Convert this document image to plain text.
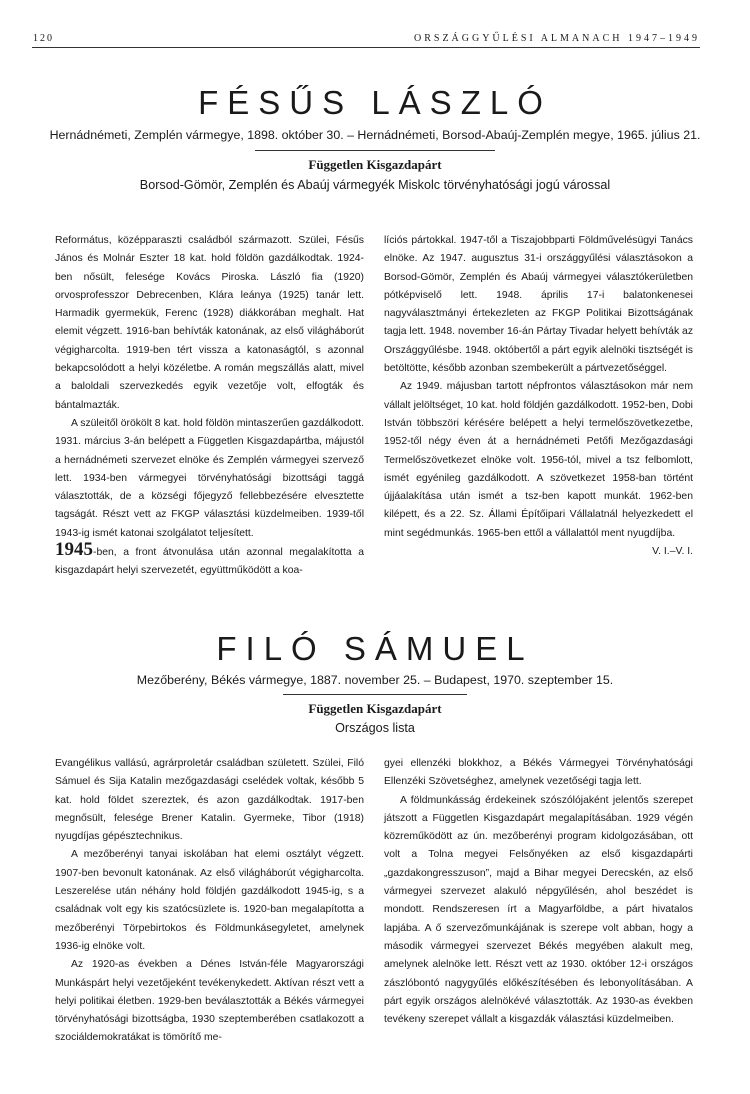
120	ORSZÁGGYŰLÉSI ALMANACH 1947–1949
FÉSŰS LÁSZLÓ
Hernádnémeti, Zemplén vármegye, 1898. október 30. – Hernádnémeti, Borsod-Abaúj-Zemplén megye, 1965. július 21.
Független Kisgazdapárt
Borsod-Gömör, Zemplén és Abaúj vármegyék Miskolc törvényhatósági jogú várossal

Református, középparaszti családból származott. Szülei, Fésűs János és Molnár Eszter 18 kat. hold földön gazdálkodtak. 1924-ben nősült, felesége Kovács Piroska. László fia (1920) orvosprofesszor Debrecenben, Klára leánya (1925) tanár lett. Harmadik gyermekük, Ferenc (1928) diákkorában meghalt. Hat elemit végzett. 1916-ban behívták katonának, az első világháborút végigharcolta. 1919-ben tért vissza a katonaságtól, s azonnal bekapcsolódott a helyi közéletbe. A román megszállás alatt, mivel a baloldali szervezkedés egyik vezetője volt, elfogták és bántalmazták.

A szüleitől örökölt 8 kat. hold földön mintaszerűen gazdálkodott. 1931. március 3-án belépett a Független Kisgazdapártba, májustól a hernádnémeti szervezet elnöke és Zemplén vármegyei szervező lett. 1934-ben vármegyei törvényhatósági bizottsági taggá választották, de a községi főjegyző fellebbezésére elvesztette tagságát. Részt vett az FKGP választási küzdelmeiben. 1939-től 1943-ig ismét katonai szolgálatot teljesített.

1945-ben, a front átvonulása után azonnal megalakította a kisgazdapárt helyi szervezetét, együttműködött a koa-

líciós pártokkal. 1947-től a Tiszajobbparti Földművelésügyi Tanács elnöke. Az 1947. augusztus 31-i országgyűlési választásokon a Borsod-Gömör, Zemplén és Abaúj vármegyei választókerületben pótképviselő lett. 1948. április 17-i balatonkenesei nagyválasztmányi értekezleten az FKGP Politikai Bizottságának tagja lett. 1948. november 16-án Pártay Tivadar helyett behívták az Országgyűlésbe. 1948. októbertől a párt egyik alelnöki tisztségét is betöltötte, később azonban szembekerült a pártvezetőséggel.

Az 1949. májusban tartott népfrontos választásokon már nem vállalt jelöltséget, 10 kat. hold földjén gazdálkodott. 1952-ben, Dobi István többszöri kérésére belépett a helyi termelőszövetkezetbe, 1952-től négy éven át a hernádnémeti Petőfi Mezőgazdasági Termelőszövetkezet elnöke volt. 1956-tól, mivel a tsz felbomlott, ismét egyénileg gazdálkodott. A szövetkezet 1958-ban történt újjáalakítása után ismét a tsz-ben kapott munkát. 1962-ben kilépett, és a 22. Sz. Állami Építőipari Vállalatnál helyezkedett el mint segédmunkás. 1965-ben ettől a vállalattól ment nyugdíjba.

V. I.–V. I.
FILÓ SÁMUEL
Mezőberény, Békés vármegye, 1887. november 25. – Budapest, 1970. szeptember 15.
Független Kisgazdapárt
Országos lista

Evangélikus vallású, agrárproletár családban született. Szülei, Filó Sámuel és Sija Katalin mezőgazdasági cselédek voltak, később 5 kat. hold földet szereztek, és azon gazdálkodtak. 1917-ben megnősült, felesége Brener Katalin. Gyermeke, Tibor (1918) nyugdíjas gépésztechnikus.

A mezőberényi tanyai iskolában hat elemi osztályt végzett. 1907-ben bevonult katonának. Az első világháborút végigharcolta. Leszerelése után néhány hold földjén gazdálkodott 1945-ig, s a családnak volt egy kis szatócsüzlete is. 1920-ban megalapította a mezőberényi Törpebirtokos és Földmunkásegyletet, amelynek 1936-ig elnöke volt.

Az 1920-as években a Dénes István-féle Magyarországi Munkáspárt helyi vezetőjeként tevékenykedett. Aktívan részt vett a helyi politikai életben. 1929-ben beválasztották a Békés vármegyei törvényhatósági bizottságba, 1930 szeptemberében csatlakozott a szociáldemokratákat is tömörítő me-

gyei ellenzéki blokkhoz, a Békés Vármegyei Törvényhatósági Ellenzéki Szövetséghez, amelynek vezetőségi tagja lett.

A földmunkásság érdekeinek szószólójaként jelentős szerepet játszott a Független Kisgazdapárt megalapításában. 1929 végén közreműködött az ún. mezőberényi program kidolgozásában, ott volt a Tolna megyei Felsőnyéken az első kisgazdapárti „gazdakongresszuson”, majd a Bihar megyei Derecskén, az első vármegyei szervezet alakuló népgyűlésén, ahol beszédet is mondott. Rendszeresen írt a Magyarföldbe, a párt hivatalos lapjába. A ő szervezőmunkájának is szerepe volt abban, hogy a második vármegyei szervezet Békés megyében alakult meg, amelynek alelnöke lett. Részt vett az 1930. október 12-i országos zászlóbontó nagygyűlés előkészítésében és lebonyolításában. A párt egyik országos alelnökévé választották. Az 1930-as években tevékeny szerepet vállalt a kisgazdák választási küzdelmeiben.
